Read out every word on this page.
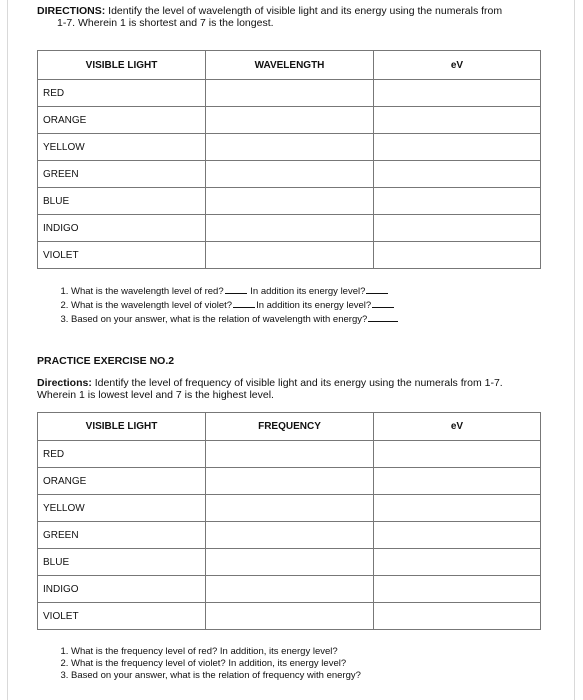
DIRECTIONS: Identify the level of wavelength of visible light and its energy using the numerals from
1-7. Wherein 1 is shortest and 7 is the longest.
VISIBLE LIGHT	WAVELENGTH	eV
RED		
ORANGE		
YELLOW		
GREEN		
BLUE		
INDIGO		
VIOLET		
1. What is the wavelength level of red?	In addition its energy level?
2. What is the wavelength level of violet?	In addition its energy level?
3. Based on your answer, what is the relation of wavelength with energy?
PRACTICE EXERCISE NO.2
Directions: Identify the level of frequency of visible light and its energy using the numerals from 1-7.
Wherein 1 is lowest level and 7 is the highest level.
VISIBLE LIGHT	FREQUENCY	eV
RED		
ORANGE		
YELLOW		
GREEN		
BLUE		
INDIGO		
VIOLET		
1. What is the frequency level of red? In addition, its energy level?
2. What is the frequency level of violet? In addition, its energy level?
3. Based on your answer, what is the relation of frequency with energy?
